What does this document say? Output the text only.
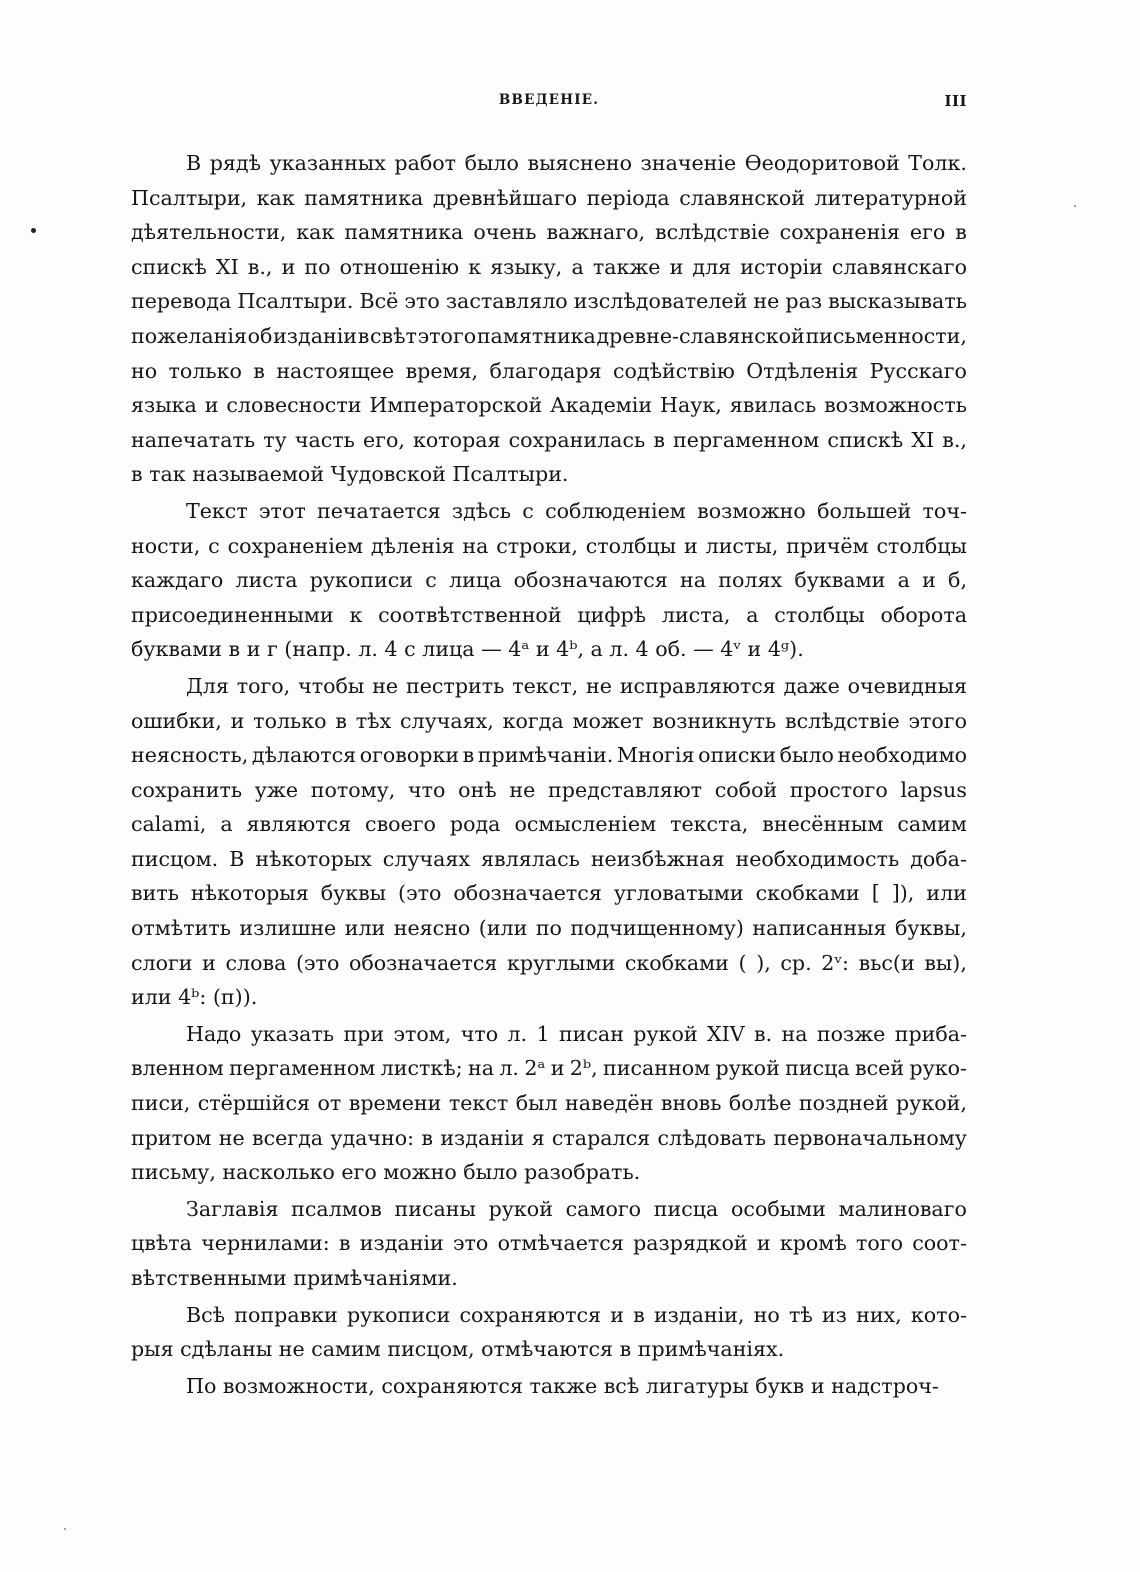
ВВЕДЕНІЕ.	III
В рядѣ указанных работ было выяснено значеніе Ѳеодоритовой Толк.
Псалтыри, как памятника древнѣйшаго періода славянской литературной
дѣятельности, как памятника очень важнаго, вслѣдствіе сохраненія его в
спискѣ XI в., и по отношенію к языку, а также и для исторіи славянскаго
перевода Псалтыри. Всё это заставляло изслѣдователей не раз высказывать
пожеланія об изданіи в свѣт этого памятника древне-славянской письменности,
но только в настоящее время, благодаря содѣйствію Отдѣленія Русскаго
языка и словесности Императорской Академіи Наук, явилась возможность
напечатать ту часть его, которая сохранилась в пергаменном спискѣ XI в.,
в так называемой Чудовской Псалтыри.
Текст этот печатается здѣсь с соблюденіем возможно большей точ-
ности, с сохраненіем дѣленія на строки, столбцы и листы, причём столбцы
каждаго листа рукописи с лица обозначаются на полях буквами а и б,
присоединенными к соотвѣтственной цифрѣ листа, а столбцы оборота
буквами в и г (напр. л. 4 с лица — 4ᵃ и 4ᵇ, а л. 4 об. — 4ᵛ и 4ᵍ).
Для того, чтобы не пестрить текст, не исправляются даже очевидныя
ошибки, и только в тѣх случаях, когда может возникнуть вслѣдствіе этого
неясность, дѣлаются оговорки в примѣчаніи. Многія описки было необходимо
сохранить уже потому, что онѣ не представляют собой простого lapsus
calami, а являются своего рода осмысленіем текста, внесённым самим
писцом. В нѣкоторых случаях являлась неизбѣжная необходимость доба-
вить нѣкоторыя буквы (это обозначается угловатыми скобками [ ]), или
отмѣтить излишне или неясно (или по подчищенному) написанныя буквы,
слоги и слова (это обозначается круглыми скобками ( ), ср. 2ᵛ: вьс(и вы),
или 4ᵇ: (п)).
Надо указать при этом, что л. 1 писан рукой XIV в. на позже приба-
вленном пергаменном листкѣ; на л. 2ᵃ и 2ᵇ, писанном рукой писца всей руко-
писи, стёршійся от времени текст был наведён вновь болѣе поздней рукой,
притом не всегда удачно: в изданіи я старался слѣдовать первоначальному
письму, насколько его можно было разобрать.
Заглавія псалмов писаны рукой самого писца особыми малиноваго
цвѣта чернилами: в изданіи это отмѣчается разрядкой и кромѣ того соот-
вѣтственными примѣчаніями.
Всѣ поправки рукописи сохраняются и в изданіи, но тѣ из них, кото-
рыя сдѣланы не самим писцом, отмѣчаются в примѣчаніях.
По возможности, сохраняются также всѣ лигатуры букв и надстроч-
